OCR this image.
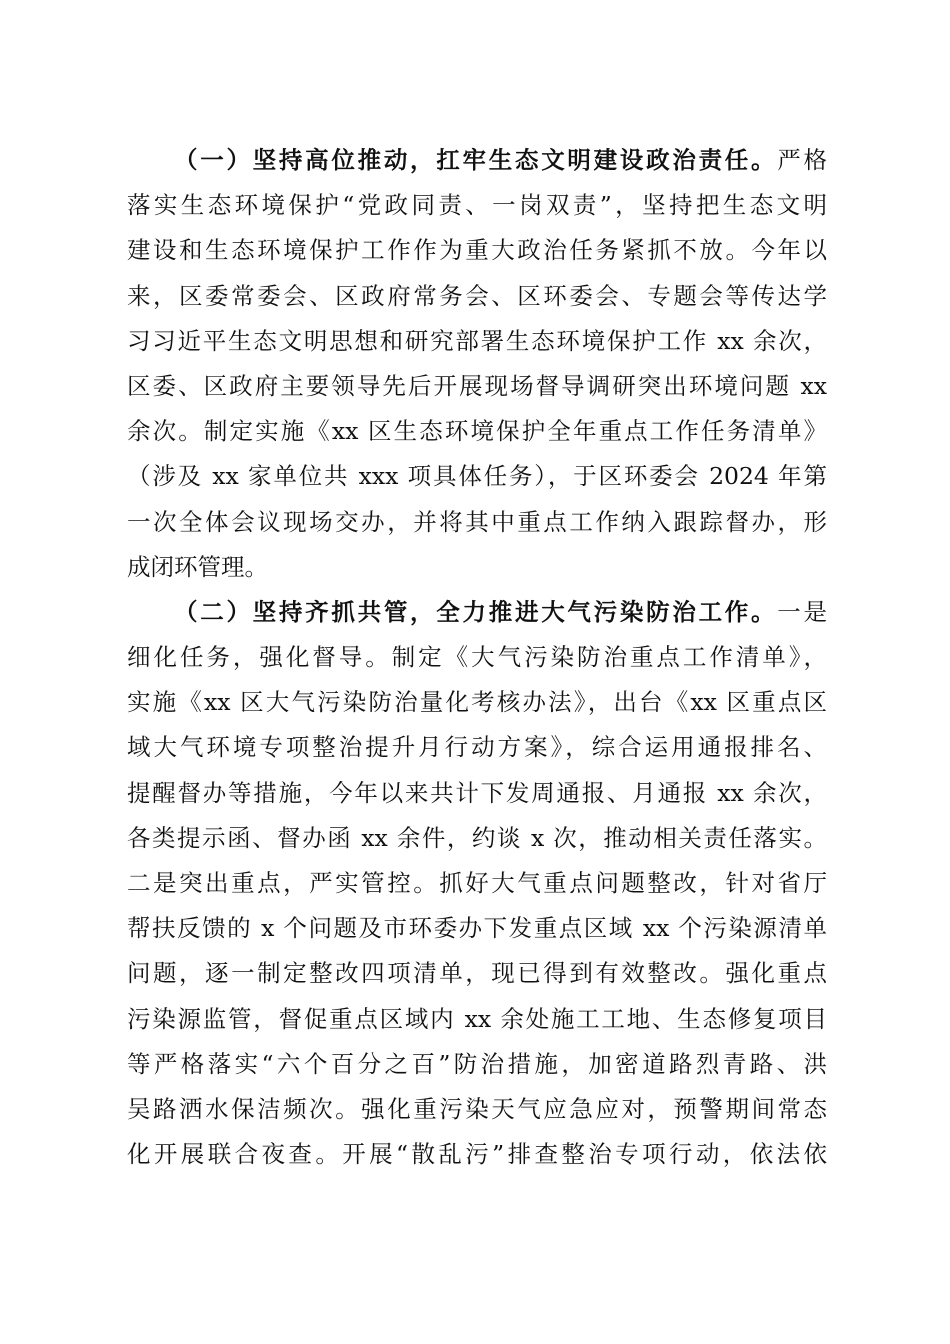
（一）坚持高位推动，扛牢生态文明建设政治责任。严格
落实生态环境保护“党政同责、一岗双责”，坚持把生态文明
建设和生态环境保护工作作为重大政治任务紧抓不放。今年以
来，区委常委会、区政府常务会、区环委会、专题会等传达学
习习近平生态文明思想和研究部署生态环境保护工作 xx 余次，
区委、区政府主要领导先后开展现场督导调研突出环境问题 xx
余次。制定实施《xx 区生态环境保护全年重点工作任务清单》
（涉及 xx 家单位共 xxx 项具体任务），于区环委会 2024 年第
一次全体会议现场交办，并将其中重点工作纳入跟踪督办，形
成闭环管理。
（二）坚持齐抓共管，全力推进大气污染防治工作。一是
细化任务，强化督导。制定《大气污染防治重点工作清单》，
实施《xx 区大气污染防治量化考核办法》，出台《xx 区重点区
域大气环境专项整治提升月行动方案》，综合运用通报排名、
提醒督办等措施，今年以来共计下发周通报、月通报 xx 余次，
各类提示函、督办函 xx 余件，约谈 x 次，推动相关责任落实。
二是突出重点，严实管控。抓好大气重点问题整改，针对省厅
帮扶反馈的 x 个问题及市环委办下发重点区域 xx 个污染源清单
问题，逐一制定整改四项清单，现已得到有效整改。强化重点
污染源监管，督促重点区域内 xx 余处施工工地、生态修复项目
等严格落实“六个百分之百”防治措施，加密道路烈青路、洪
吴路洒水保洁频次。强化重污染天气应急应对，预警期间常态
化开展联合夜查。开展“散乱污”排查整治专项行动，依法依
